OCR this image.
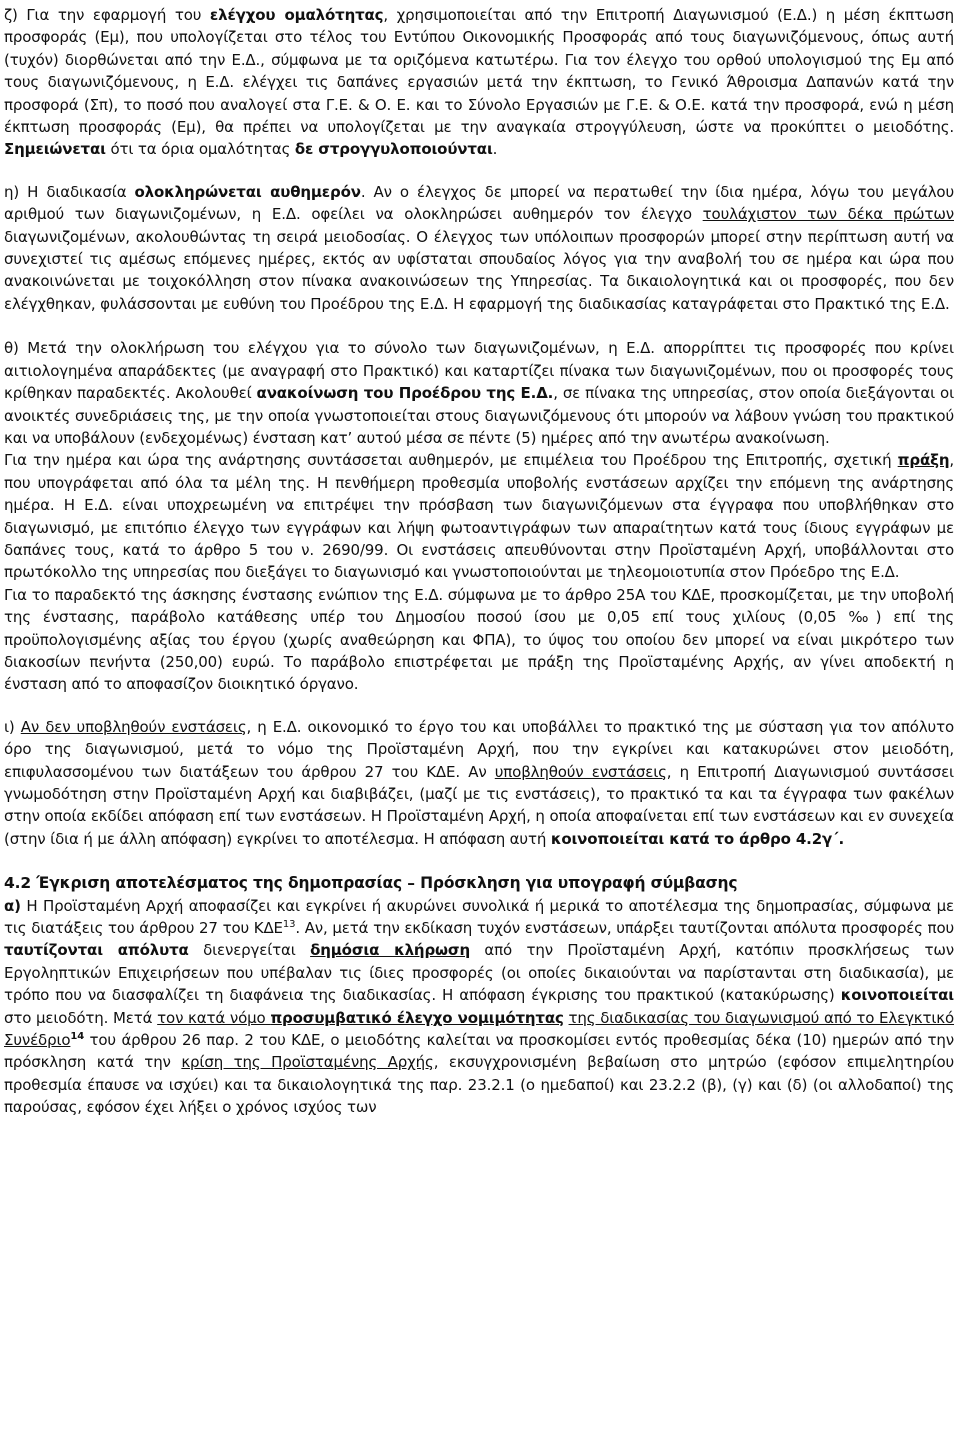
ζ) Για την εφαρμογή του ελέγχου ομαλότητας, χρησιμοποιείται από την Επιτροπή Διαγωνισμού (Ε.Δ.) η μέση έκπτωση προσφοράς (Εμ), που υπολογίζεται στο τέλος του Εντύπου Οικονομικής Προσφοράς από τους διαγωνιζόμενους, όπως αυτή (τυχόν) διορθώνεται από την Ε.Δ., σύμφωνα με τα οριζόμενα κατωτέρω. Για τον έλεγχο του ορθού υπολογισμού της Εμ από τους διαγωνιζόμενους, η Ε.Δ. ελέγχει τις δαπάνες εργασιών μετά την έκπτωση, το Γενικό Άθροισμα Δαπανών κατά την προσφορά (Σπ), το ποσό που αναλογεί στα Γ.Ε. & Ο. Ε. και το Σύνολο Εργασιών με Γ.Ε. & Ο.Ε. κατά την προσφορά, ενώ η μέση έκπτωση προσφοράς (Εμ), θα πρέπει να υπολογίζεται με την αναγκαία στρογγύλευση, ώστε να προκύπτει ο μειοδότης. Σημειώνεται ότι τα όρια ομαλότητας δε στρογγυλοποιούνται.

η) Η διαδικασία ολοκληρώνεται αυθημερόν. Αν ο έλεγχος δε μπορεί να περατωθεί την ίδια ημέρα, λόγω του μεγάλου αριθμού των διαγωνιζομένων, η Ε.Δ. οφείλει να ολοκληρώσει αυθημερόν τον έλεγχο τουλάχιστον των δέκα πρώτων διαγωνιζομένων, ακολουθώντας τη σειρά μειοδοσίας. Ο έλεγχος των υπόλοιπων προσφορών μπορεί στην περίπτωση αυτή να συνεχιστεί τις αμέσως επόμενες ημέρες, εκτός αν υφίσταται σπουδαίος λόγος για την αναβολή του σε ημέρα και ώρα που ανακοινώνεται με τοιχοκόλληση στον πίνακα ανακοινώσεων της Υπηρεσίας. Τα δικαιολογητικά και οι προσφορές, που δεν ελέγχθηκαν, φυλάσσονται με ευθύνη του Προέδρου της Ε.Δ. Η εφαρμογή της διαδικασίας καταγράφεται στο Πρακτικό της Ε.Δ.

θ) Μετά την ολοκλήρωση του ελέγχου για το σύνολο των διαγωνιζομένων, η Ε.Δ. απορρίπτει τις προσφορές που κρίνει αιτιολογημένα απαράδεκτες (με αναγραφή στο Πρακτικό) και καταρτίζει πίνακα των διαγωνιζομένων, που οι προσφορές τους κρίθηκαν παραδεκτές. Ακολουθεί ανακοίνωση του Προέδρου της Ε.Δ., σε πίνακα της υπηρεσίας, στον οποία διεξάγονται οι ανοικτές συνεδριάσεις της, με την οποία γνωστοποιείται στους διαγωνιζόμενους ότι μπορούν να λάβουν γνώση του πρακτικού και να υποβάλουν (ενδεχομένως) ένσταση κατ’ αυτού μέσα σε πέντε (5) ημέρες από την ανωτέρω ανακοίνωση.

Για την ημέρα και ώρα της ανάρτησης συντάσσεται αυθημερόν, με επιμέλεια του Προέδρου της Επιτροπής, σχετική πράξη, που υπογράφεται από όλα τα μέλη της. Η πενθήμερη προθεσμία υποβολής ενστάσεων αρχίζει την επόμενη της ανάρτησης ημέρα. Η Ε.Δ. είναι υποχρεωμένη να επιτρέψει την πρόσβαση των διαγωνιζόμενων στα έγγραφα που υποβλήθηκαν στο διαγωνισμό, με επιτόπιο έλεγχο των εγγράφων και λήψη φωτοαντιγράφων των απαραίτητων κατά τους ίδιους εγγράφων με δαπάνες τους, κατά το άρθρο 5 του ν. 2690/99. Οι ενστάσεις απευθύνονται στην Προϊσταμένη Αρχή, υποβάλλονται στο πρωτόκολλο της υπηρεσίας που διεξάγει το διαγωνισμό και γνωστοποιούνται με τηλεομοιοτυπία στον Πρόεδρο της Ε.Δ.

Για το παραδεκτό της άσκησης ένστασης ενώπιον της Ε.Δ. σύμφωνα με το άρθρο 25Α του ΚΔΕ, προσκομίζεται, με την υποβολή της ένστασης, παράβολο κατάθεσης υπέρ του Δημοσίου ποσού ίσου με 0,05 επί τους χιλίους (0,05 ‰) επί της προϋπολογισμένης αξίας του έργου (χωρίς αναθεώρηση και ΦΠΑ), το ύψος του οποίου δεν μπορεί να είναι μικρότερο των διακοσίων πενήντα (250,00) ευρώ. Το παράβολο επιστρέφεται με πράξη της Προϊσταμένης Αρχής, αν γίνει αποδεκτή η ένσταση από το αποφασίζον διοικητικό όργανο.

ι) Αν δεν υποβληθούν ενστάσεις, η Ε.Δ. οικονομικό το έργο του και υποβάλλει το πρακτικό της με σύσταση για τον απόλυτο όρο της διαγωνισμού, μετά το νόμο της Προϊσταμένη Αρχή, που την εγκρίνει και κατακυρώνει στον μειοδότη, επιφυλασσομένου των διατάξεων του άρθρου 27 του ΚΔΕ. Αν υποβληθούν ενστάσεις, η Επιτροπή Διαγωνισμού συντάσσει γνωμοδότηση στην Προϊσταμένη Αρχή και διαβιβάζει, (μαζί με τις ενστάσεις), το πρακτικό τα και τα έγγραφα των φακέλων στην οποία εκδίδει απόφαση επί των ενστάσεων. Η Προϊσταμένη Αρχή, η οποία αποφαίνεται επί των ενστάσεων και εν συνεχεία (στην ίδια ή με άλλη απόφαση) εγκρίνει το αποτέλεσμα. Η απόφαση αυτή κοινοποιείται κατά το άρθρο 4.2γ΄.

4.2 Έγκριση αποτελέσματος της δημοπρασίας – Πρόσκληση για υπογραφή σύμβασης

α) Η Προϊσταμένη Αρχή αποφασίζει και εγκρίνει ή ακυρώνει συνολικά ή μερικά το αποτέλεσμα της δημοπρασίας, σύμφωνα με τις διατάξεις του άρθρου 27 του ΚΔΕ$^{13}$. Αν, μετά την εκδίκαση τυχόν ενστάσεων, υπάρξει ταυτίζονται απόλυτα προσφορές που ταυτίζονται απόλυτα διενεργείται δημόσια κλήρωση από την Προϊσταμένη Αρχή, κατόπιν προσκλήσεως των Εργοληπτικών Επιχειρήσεων που υπέβαλαν τις ίδιες προσφορές (οι οποίες δικαιούνται να παρίστανται στη διαδικασία), με τρόπο που να διασφαλίζει τη διαφάνεια της διαδικασίας. Η απόφαση έγκρισης του πρακτικού (κατακύρωσης) κοινοποιείται στο μειοδότη. Μετά τον κατά νόμο προσυμβατικό έλεγχο νομιμότητας της διαδικασίας του διαγωνισμού από το Ελεγκτικό Συνέδριο$^{14}$ του άρθρου 26 παρ. 2 του ΚΔΕ, ο μειοδότης καλείται να προσκομίσει εντός προθεσμίας δέκα (10) ημερών από την πρόσκληση κατά την κρίση της Προϊσταμένης Αρχής, εκσυγχρονισμένη βεβαίωση στο μητρώο (εφόσον επιμελητηρίου προθεσμία έπαυσε να ισχύει) και τα δικαιολογητικά της παρ. 23.2.1 (ο ημεδαποί) και 23.2.2 (β), (γ) και (δ) (οι αλλοδαποί) της παρούσας, εφόσον έχει λήξει ο χρόνος ισχύος των
